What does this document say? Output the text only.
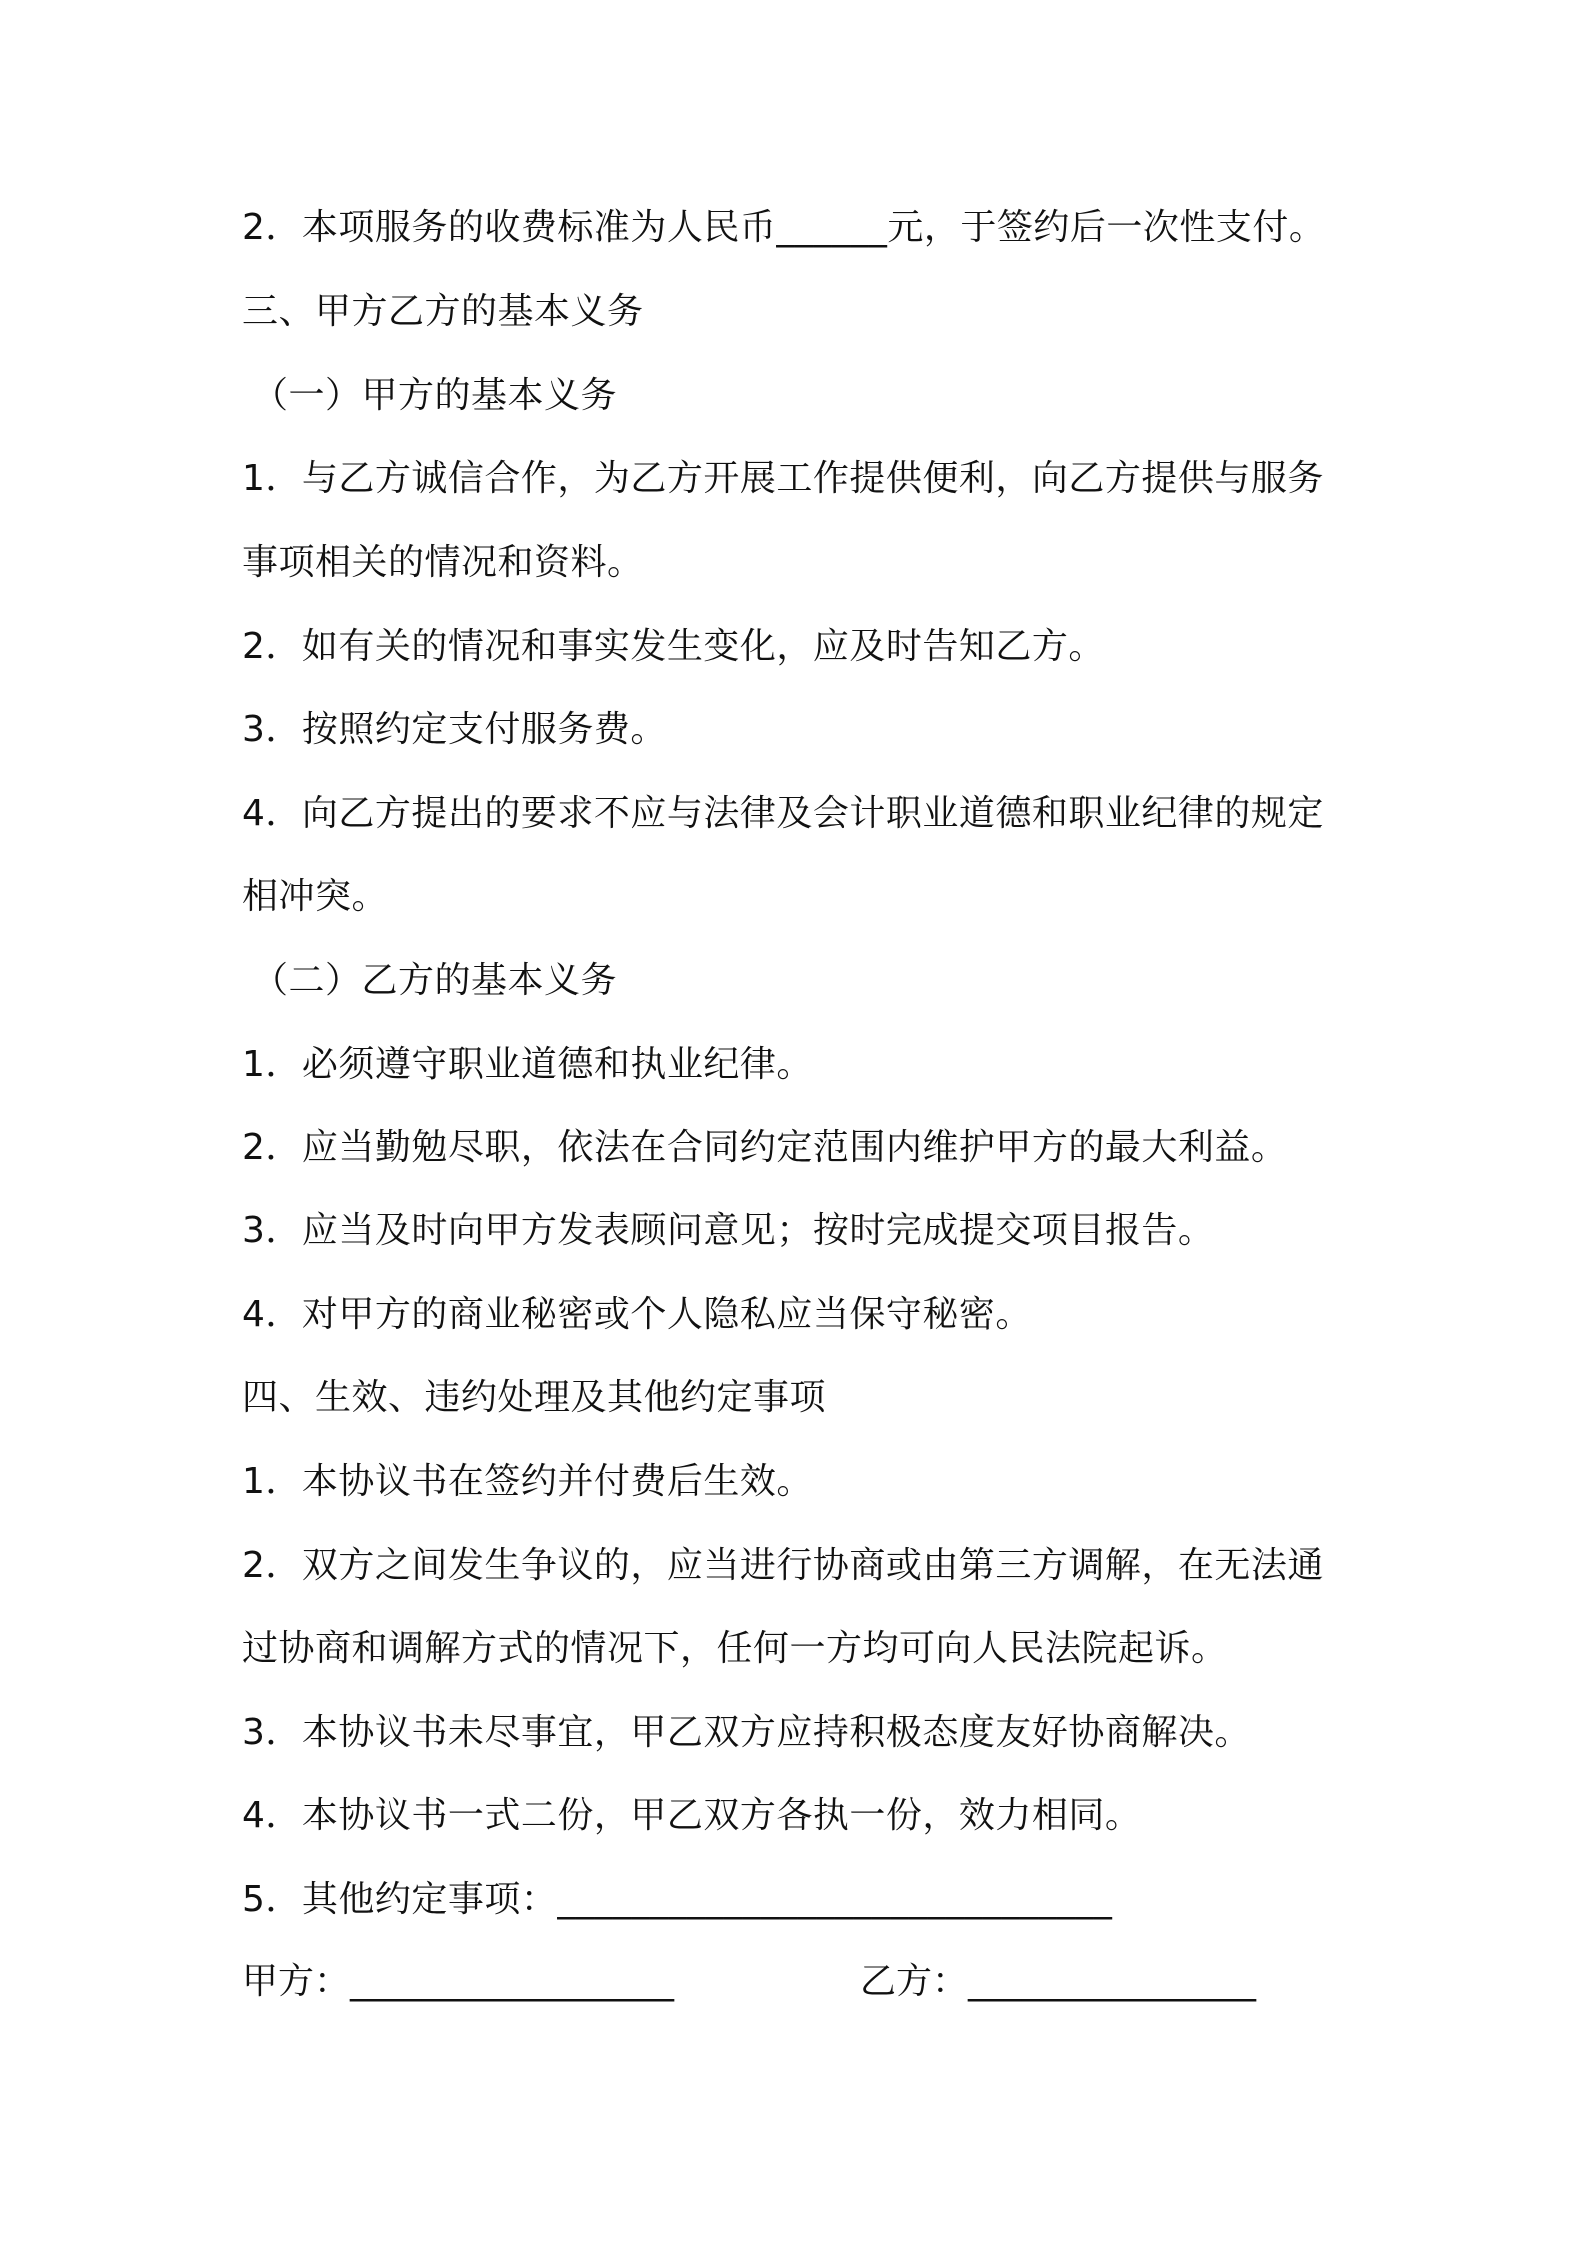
2．本项服务的收费标准为人民币______元，于签约后一次性支付。
三、甲方乙方的基本义务
（一）甲方的基本义务
1．与乙方诚信合作，为乙方开展工作提供便利，向乙方提供与服务
事项相关的情况和资料。
2．如有关的情况和事实发生变化，应及时告知乙方。
3．按照约定支付服务费。
4．向乙方提出的要求不应与法律及会计职业道德和职业纪律的规定
相冲突。
（二）乙方的基本义务
1．必须遵守职业道德和执业纪律。
2．应当勤勉尽职，依法在合同约定范围内维护甲方的最大利益。
3．应当及时向甲方发表顾问意见；按时完成提交项目报告。
4．对甲方的商业秘密或个人隐私应当保守秘密。
四、生效、违约处理及其他约定事项
1．本协议书在签约并付费后生效。
2．双方之间发生争议的，应当进行协商或由第三方调解，在无法通
过协商和调解方式的情况下，任何一方均可向人民法院起诉。
3．本协议书未尽事宜，甲乙双方应持积极态度友好协商解决。
4．本协议书一式二份，甲乙双方各执一份，效力相同。
5．其他约定事项：______________________________
甲方：__________________	乙方：________________
